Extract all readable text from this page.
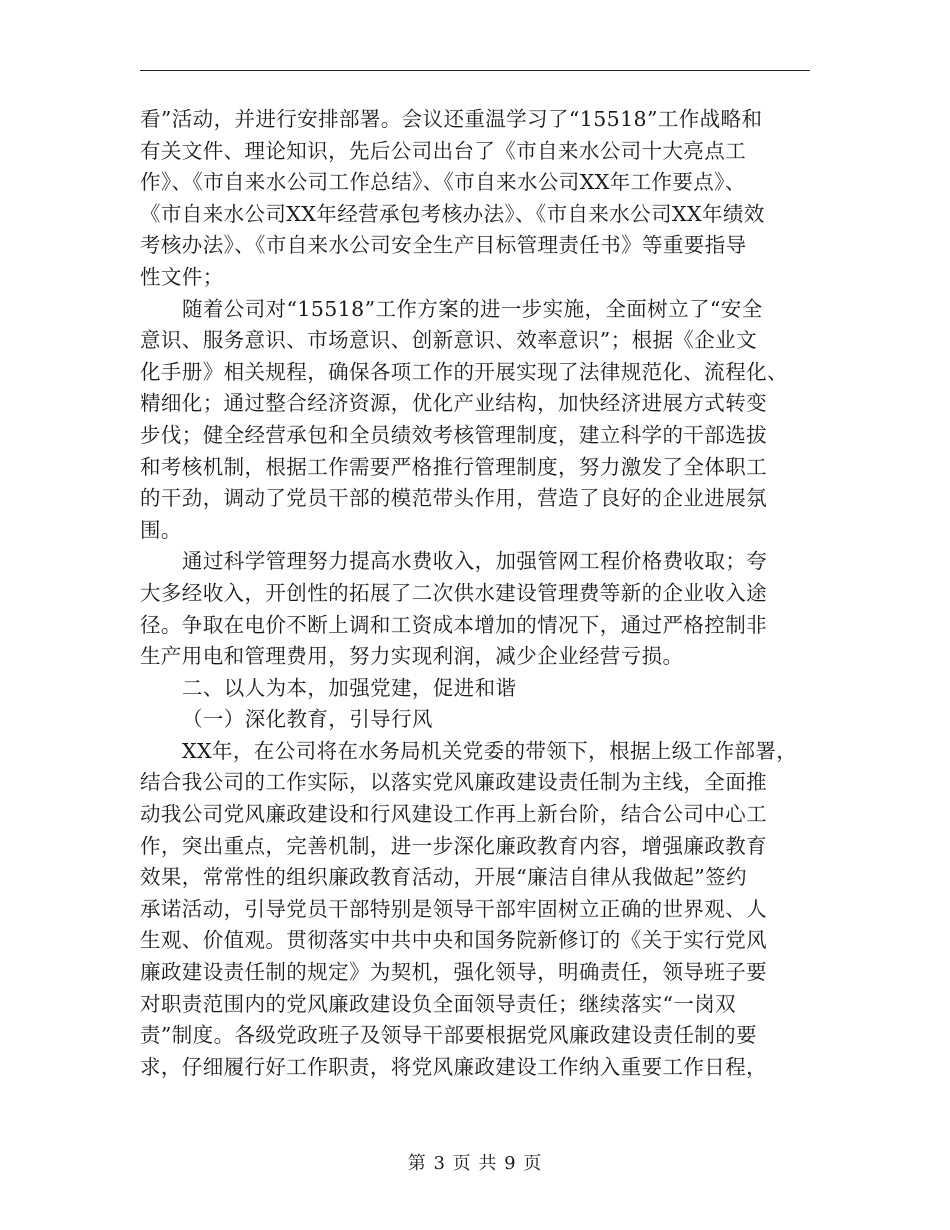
看”活动，并进行安排部署。会议还重温学习了“15518”工作战略和
有关文件、理论知识，先后公司出台了《市自来水公司十大亮点工
作》、《市自来水公司工作总结》、《市自来水公司XX年工作要点》、
《市自来水公司XX年经营承包考核办法》、《市自来水公司XX年绩效
考核办法》、《市自来水公司安全生产目标管理责任书》等重要指导
性文件；
随着公司对“15518”工作方案的进一步实施，全面树立了“安全
意识、服务意识、市场意识、创新意识、效率意识”；根据《企业文
化手册》相关规程，确保各项工作的开展实现了法律规范化、流程化、
精细化；通过整合经济资源，优化产业结构，加快经济进展方式转变
步伐；健全经营承包和全员绩效考核管理制度，建立科学的干部选拔
和考核机制，根据工作需要严格推行管理制度，努力激发了全体职工
的干劲，调动了党员干部的模范带头作用，营造了良好的企业进展氛
围。
通过科学管理努力提高水费收入，加强管网工程价格费收取；夸
大多经收入，开创性的拓展了二次供水建设管理费等新的企业收入途
径。争取在电价不断上调和工资成本增加的情况下，通过严格控制非
生产用电和管理费用，努力实现利润，减少企业经营亏损。
二、以人为本，加强党建，促进和谐
（一）深化教育，引导行风
XX年，在公司将在水务局机关党委的带领下，根据上级工作部署，
结合我公司的工作实际，以落实党风廉政建设责任制为主线，全面推
动我公司党风廉政建设和行风建设工作再上新台阶，结合公司中心工
作，突出重点，完善机制，进一步深化廉政教育内容，增强廉政教育
效果，常常性的组织廉政教育活动，开展“廉洁自律从我做起”签约
承诺活动，引导党员干部特别是领导干部牢固树立正确的世界观、人
生观、价值观。贯彻落实中共中央和国务院新修订的《关于实行党风
廉政建设责任制的规定》为契机，强化领导，明确责任，领导班子要
对职责范围内的党风廉政建设负全面领导责任；继续落实“一岗双
责”制度。各级党政班子及领导干部要根据党风廉政建设责任制的要
求，仔细履行好工作职责，将党风廉政建设工作纳入重要工作日程，
第 3 页 共 9 页
